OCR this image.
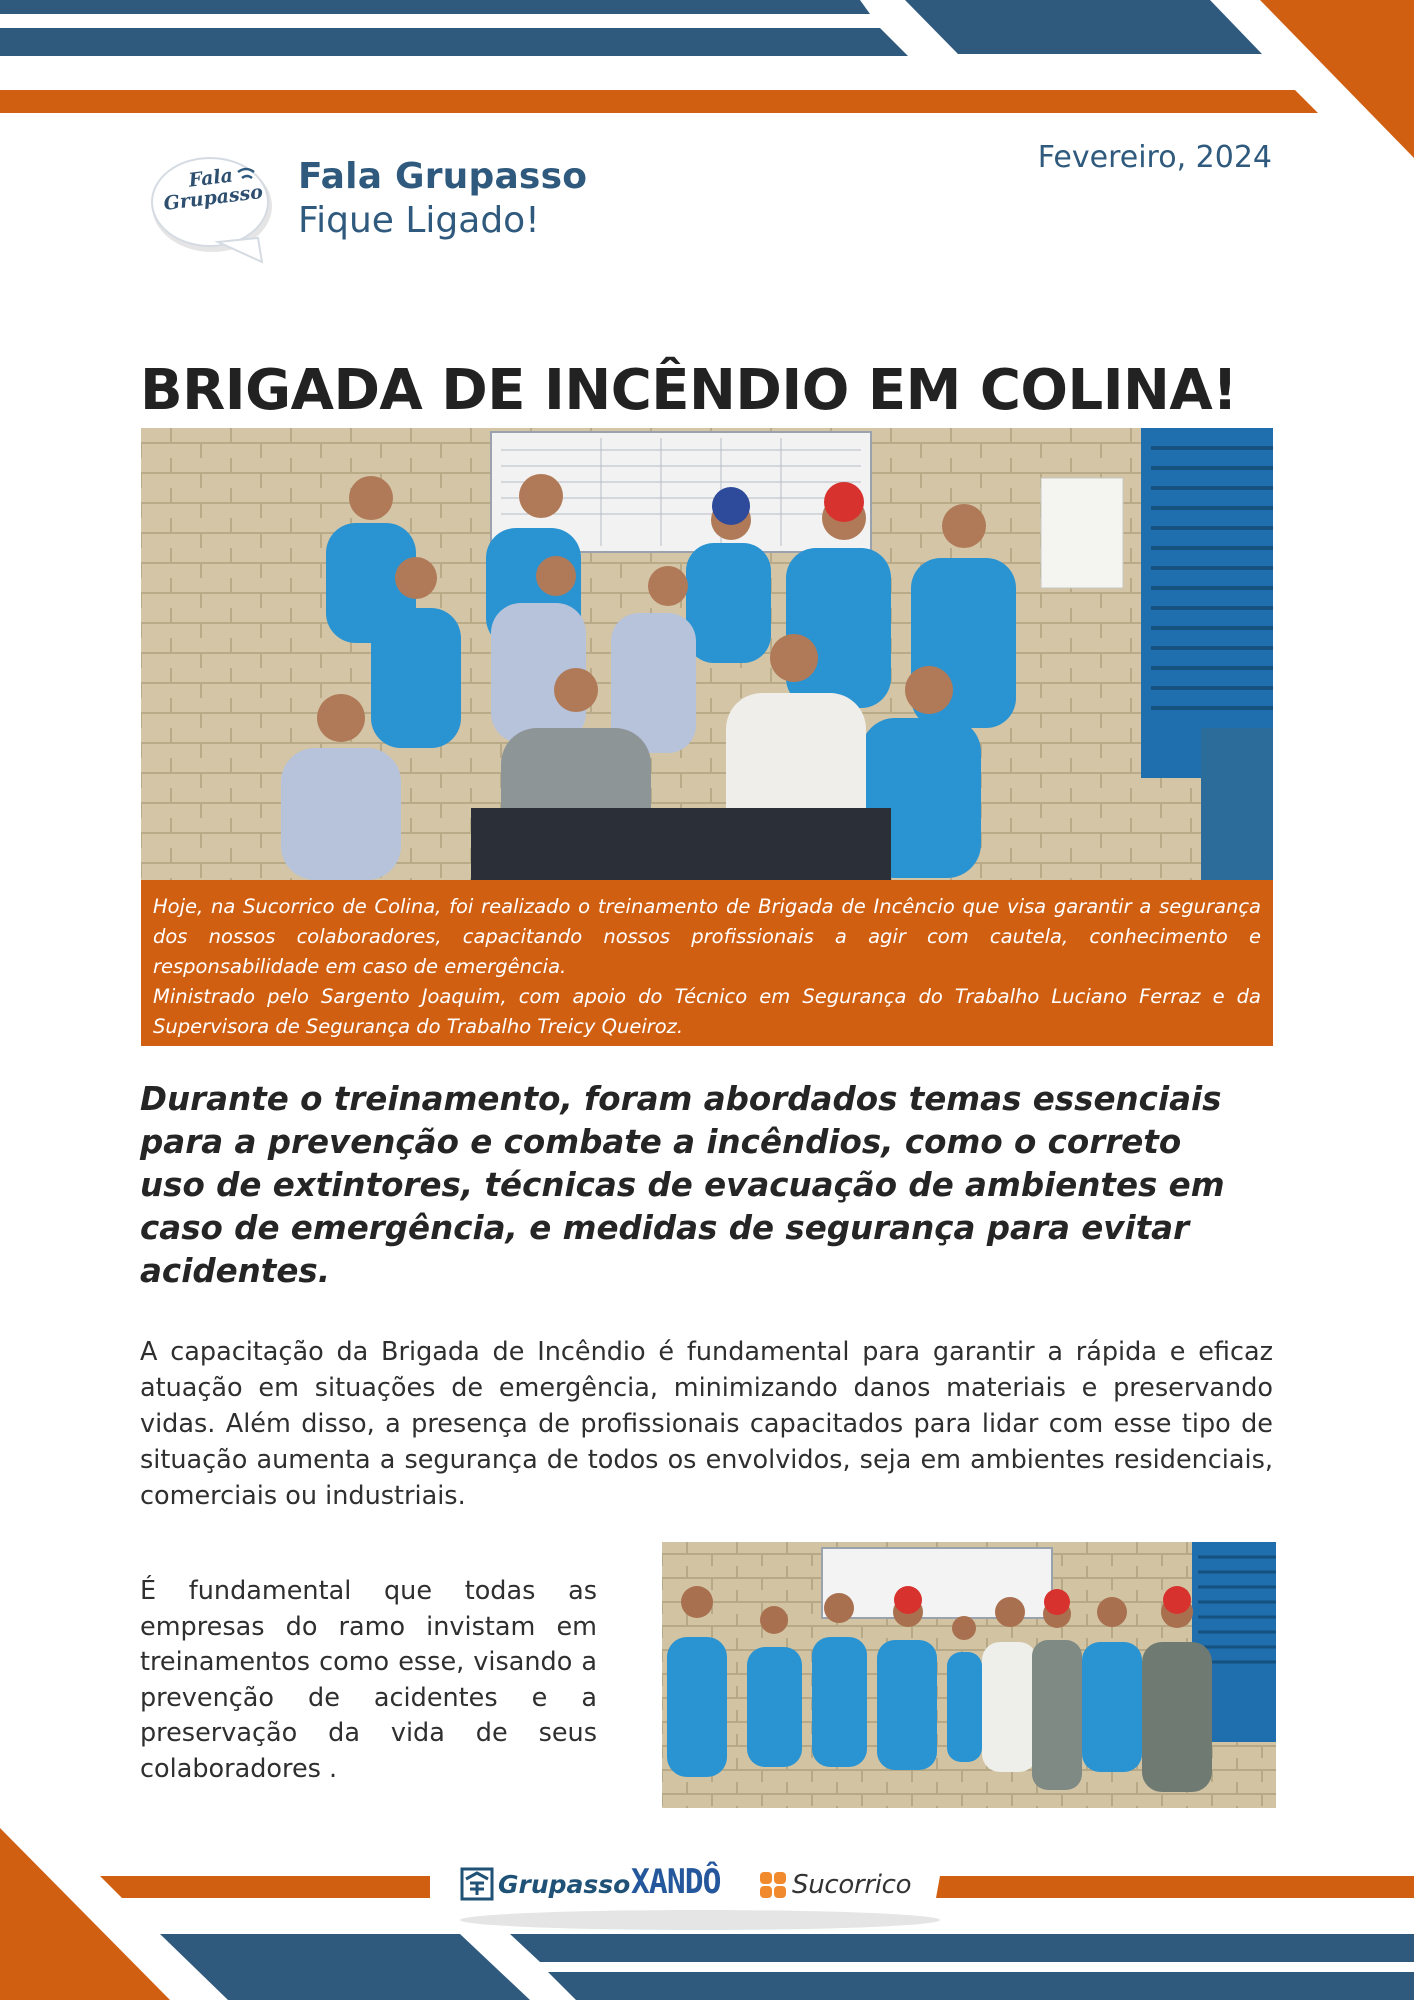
Fala Grupasso
Fala Grupasso
Fique Ligado!
Fevereiro, 2024
BRIGADA DE INCÊNDIO EM COLINA!

Hoje, na Sucorrico de Colina, foi realizado o treinamento de Brigada de Incêncio que visa garantir a segurança dos nossos colaboradores, capacitando nossos profissionais a agir com cautela, conhecimento e responsabilidade em caso de emergência.

Ministrado pelo Sargento Joaquim, com apoio do Técnico em Segurança do Trabalho Luciano Ferraz e da Supervisora de Segurança do Trabalho Treicy Queiroz.

Durante o treinamento, foram abordados temas essenciais para a prevenção e combate a incêndios, como o correto uso de extintores, técnicas de evacuação de ambientes em caso de emergência, e medidas de segurança para evitar acidentes.
A capacitação da Brigada de Incêndio é fundamental para garantir a rápida e eficaz atuação em situações de emergência, minimizando danos materiais e preservando vidas. Além disso, a presença de profissionais capacitados para lidar com esse tipo de situação aumenta a segurança de todos os envolvidos, seja em ambientes residenciais, comerciais ou industriais.
É fundamental que todas as empresas do ramo invistam em treinamentos como esse, visando a prevenção de acidentes e a preservação da vida de seus colaboradores .
Grupasso XANDÔ	Sucorrico
